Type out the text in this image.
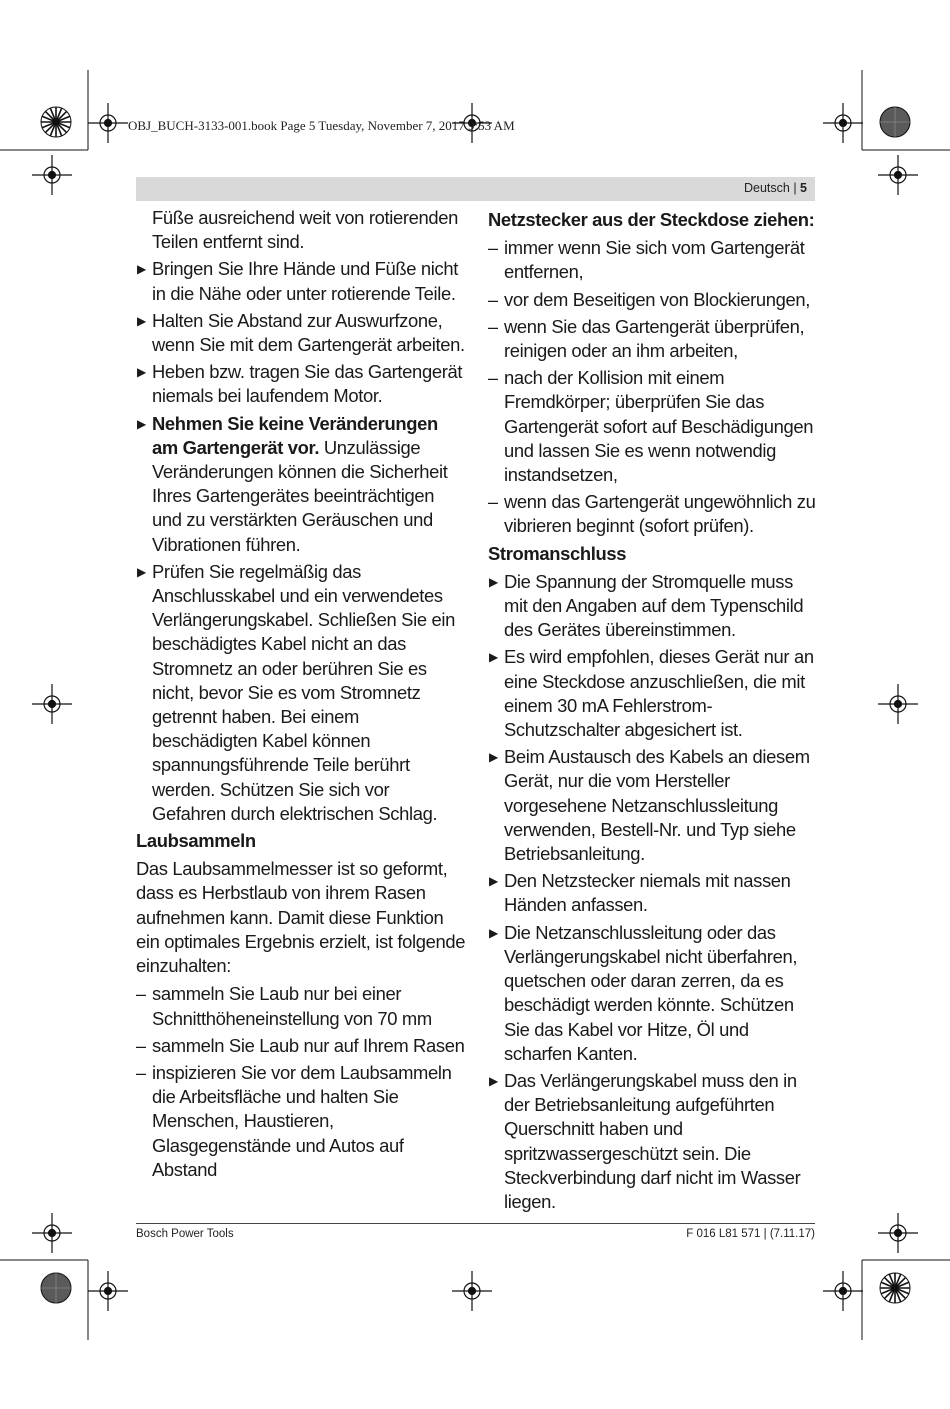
OBJ_BUCH-3133-001.book Page 5 Tuesday, November 7, 2017 9:53 AM
Deutsch | 5
Füße ausreichend weit von rotierenden Teilen entfernt sind.
▶ Bringen Sie Ihre Hände und Füße nicht in die Nähe oder unter rotierende Teile.
▶ Halten Sie Abstand zur Auswurfzone, wenn Sie mit dem Gartengerät arbeiten.
▶ Heben bzw. tragen Sie das Gartengerät niemals bei laufendem Motor.
▶ Nehmen Sie keine Veränderungen am Gartengerät vor. Unzulässige Veränderungen können die Sicherheit Ihres Gartengerätes beeinträchtigen und zu verstärkten Geräuschen und Vibrationen führen.
▶ Prüfen Sie regelmäßig das Anschlusskabel und ein verwendetes Verlängerungskabel. Schließen Sie ein beschädigtes Kabel nicht an das Stromnetz an oder berühren Sie es nicht, bevor Sie es vom Stromnetz getrennt haben. Bei einem beschädigten Kabel können spannungsführende Teile berührt werden. Schützen Sie sich vor Gefahren durch elektrischen Schlag.
Laubsammeln
Das Laubsammelmesser ist so geformt, dass es Herbstlaub von ihrem Rasen aufnehmen kann. Damit diese Funktion ein optimales Ergebnis erzielt, ist folgende einzuhalten:
– sammeln Sie Laub nur bei einer Schnitthöheneinstellung von 70 mm
– sammeln Sie Laub nur auf Ihrem Rasen
– inspizieren Sie vor dem Laubsammeln die Arbeitsfläche und halten Sie Menschen, Haustieren, Glasgegenstände und Autos auf Abstand
Netzstecker aus der Steckdose ziehen:
– immer wenn Sie sich vom Gartengerät entfernen,
– vor dem Beseitigen von Blockierungen,
– wenn Sie das Gartengerät überprüfen, reinigen oder an ihm arbeiten,
– nach der Kollision mit einem Fremdkörper; überprüfen Sie das Gartengerät sofort auf Beschädigungen und lassen Sie es wenn notwendig instandsetzen,
– wenn das Gartengerät ungewöhnlich zu vibrieren beginnt (sofort prüfen).
Stromanschluss
▶ Die Spannung der Stromquelle muss mit den Angaben auf dem Typenschild des Gerätes übereinstimmen.
▶ Es wird empfohlen, dieses Gerät nur an eine Steckdose anzuschließen, die mit einem 30 mA Fehlerstrom-Schutzschalter abgesichert ist.
▶ Beim Austausch des Kabels an diesem Gerät, nur die vom Hersteller vorgesehene Netzanschlussleitung verwenden, Bestell-Nr. und Typ siehe Betriebsanleitung.
▶ Den Netzstecker niemals mit nassen Händen anfassen.
▶ Die Netzanschlussleitung oder das Verlängerungskabel nicht überfahren, quetschen oder daran zerren, da es beschädigt werden könnte. Schützen Sie das Kabel vor Hitze, Öl und scharfen Kanten.
▶ Das Verlängerungskabel muss den in der Betriebsanleitung aufgeführten Querschnitt haben und spritzwassergeschützt sein. Die Steckverbindung darf nicht im Wasser liegen.
Bosch Power Tools	F 016 L81 571 | (7.11.17)
